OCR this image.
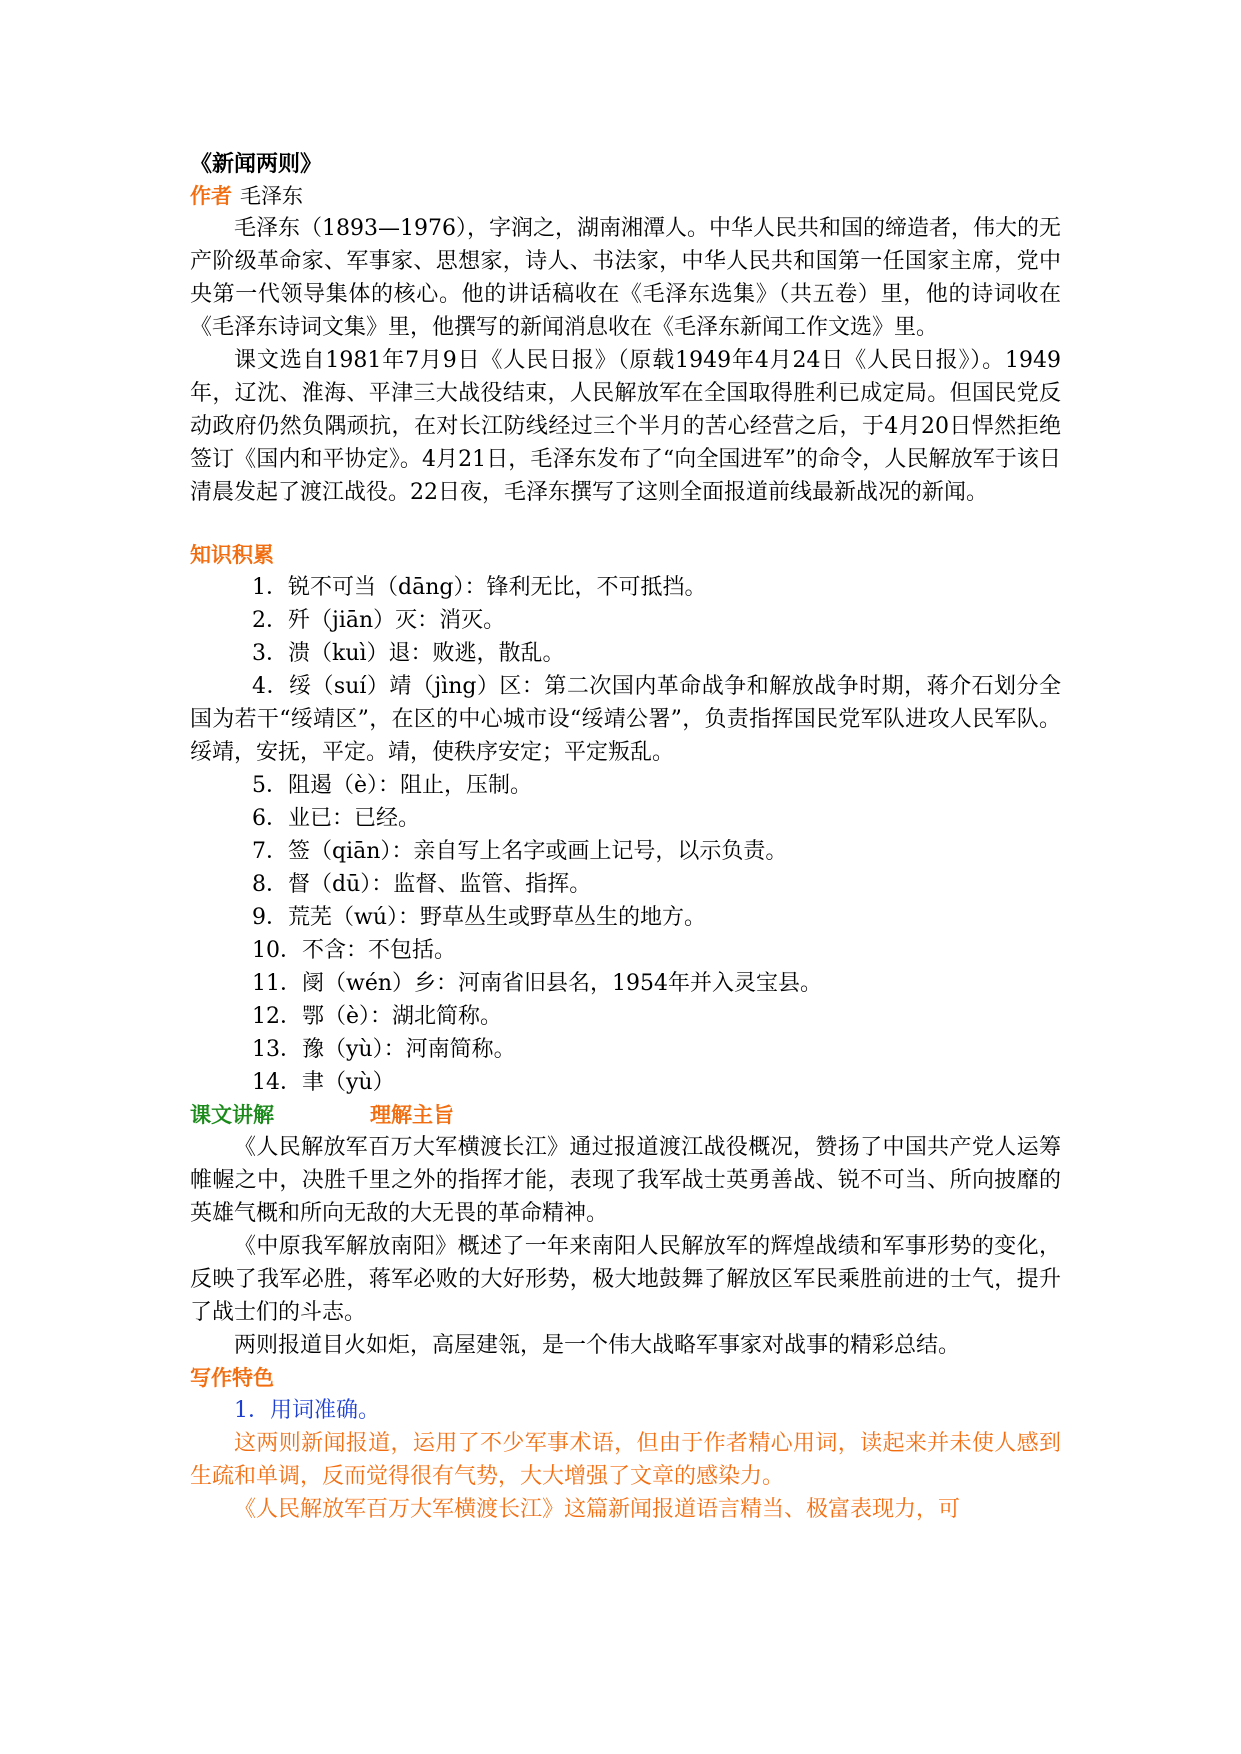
《新闻两则》

作者 毛泽东

毛泽东（1893—1976），字润之，湖南湘潭人。中华人民共和国的缔造者，伟大的无产阶级革命家、军事家、思想家，诗人、书法家，中华人民共和国第一任国家主席，党中央第一代领导集体的核心。他的讲话稿收在《毛泽东选集》（共五卷）里，他的诗词收在《毛泽东诗词文集》里，他撰写的新闻消息收在《毛泽东新闻工作文选》里。

课文选自1981年7月9日《人民日报》（原载1949年4月24日《人民日报》）。1949年，辽沈、淮海、平津三大战役结束，人民解放军在全国取得胜利已成定局。但国民党反动政府仍然负隅顽抗，在对长江防线经过三个半月的苦心经营之后，于4月20日悍然拒绝签订《国内和平协定》。4月21日，毛泽东发布了“向全国进军”的命令，人民解放军于该日清晨发起了渡江战役。22日夜，毛泽东撰写了这则全面报道前线最新战况的新闻。

知识积累

1．锐不可当（dāng）：锋利无比，不可抵挡。

2．歼（jiān）灭：消灭。

3．溃（kuì）退：败逃，散乱。

4．绥（suí）靖（jìng）区：第二次国内革命战争和解放战争时期，蒋介石划分全国为若干“绥靖区”，在区的中心城市设“绥靖公署”，负责指挥国民党军队进攻人民军队。绥靖，安抚，平定。靖，使秩序安定；平定叛乱。

5．阻遏（è）：阻止，压制。

6．业已：已经。

7．签（qiān）：亲自写上名字或画上记号，以示负责。

8．督（dū）：监督、监管、指挥。

9．荒芜（wú）：野草丛生或野草丛生的地方。

10．不含：不包括。

11．阌（wén）乡：河南省旧县名，1954年并入灵宝县。

12．鄂（è）：湖北简称。

13．豫（yù）：河南简称。

14．聿（yù）

课文讲解	理解主旨

《人民解放军百万大军横渡长江》通过报道渡江战役概况，赞扬了中国共产党人运筹帷幄之中，决胜千里之外的指挥才能，表现了我军战士英勇善战、锐不可当、所向披靡的英雄气概和所向无敌的大无畏的革命精神。

《中原我军解放南阳》概述了一年来南阳人民解放军的辉煌战绩和军事形势的变化，反映了我军必胜，蒋军必败的大好形势，极大地鼓舞了解放区军民乘胜前进的士气，提升了战士们的斗志。

两则报道目火如炬，高屋建瓴，是一个伟大战略军事家对战事的精彩总结。

写作特色

1．用词准确。

这两则新闻报道，运用了不少军事术语，但由于作者精心用词，读起来并未使人感到生疏和单调，反而觉得很有气势，大大增强了文章的感染力。

《人民解放军百万大军横渡长江》这篇新闻报道语言精当、极富表现力，可
